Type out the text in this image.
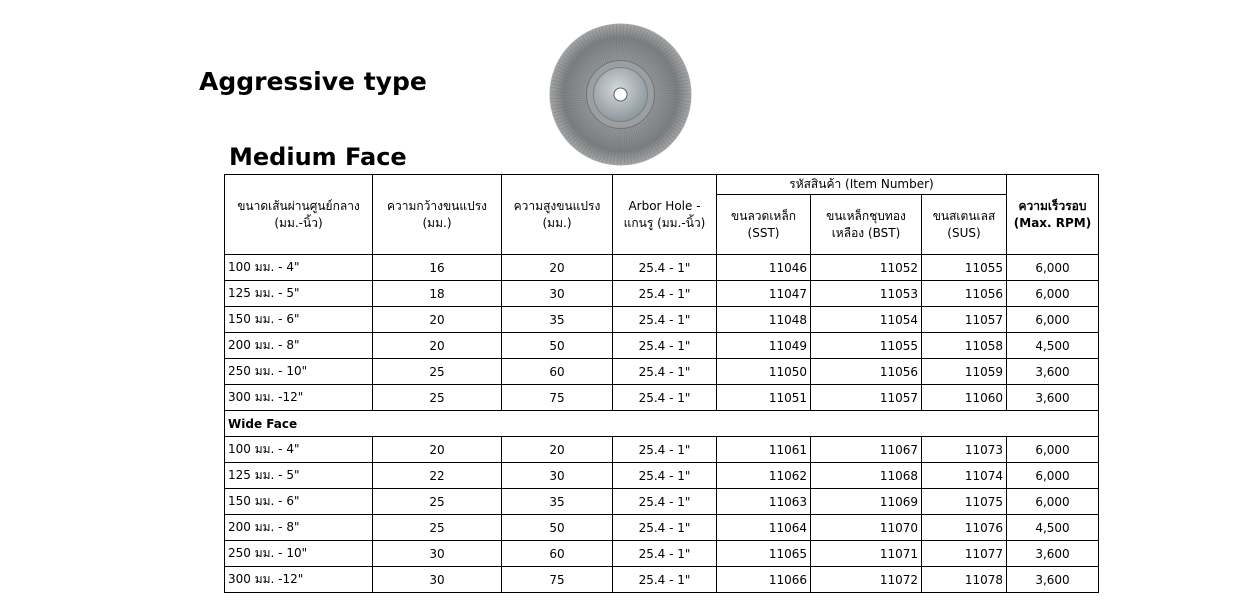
Aggressive type
Medium Face
ขนาดเส้นผ่านศูนย์กลาง (มม.-นิ้ว)	ความกว้างขนแปรง (มม.)	ความสูงขนแปรง (มม.)	Arbor Hole - แกนรู (มม.-นิ้ว)	รหัสสินค้า (Item Number)			ความเร็วรอบ (Max. RPM)
				ขนลวดเหล็ก (SST)	ขนเหล็กชุบทองเหลือง (BST)	ขนสเตนเลส (SUS)	
100 มม. - 4"	16	20	25.4 - 1"	11046	11052	11055	6,000
125 มม. - 5"	18	30	25.4 - 1"	11047	11053	11056	6,000
150 มม. - 6"	20	35	25.4 - 1"	11048	11054	11057	6,000
200 มม. - 8"	20	50	25.4 - 1"	11049	11055	11058	4,500
250 มม. - 10"	25	60	25.4 - 1"	11050	11056	11059	3,600
300 มม. -12"	25	75	25.4 - 1"	11051	11057	11060	3,600
Wide Face							
100 มม. - 4"	20	20	25.4 - 1"	11061	11067	11073	6,000
125 มม. - 5"	22	30	25.4 - 1"	11062	11068	11074	6,000
150 มม. - 6"	25	35	25.4 - 1"	11063	11069	11075	6,000
200 มม. - 8"	25	50	25.4 - 1"	11064	11070	11076	4,500
250 มม. - 10"	30	60	25.4 - 1"	11065	11071	11077	3,600
300 มม. -12"	30	75	25.4 - 1"	11066	11072	11078	3,600
